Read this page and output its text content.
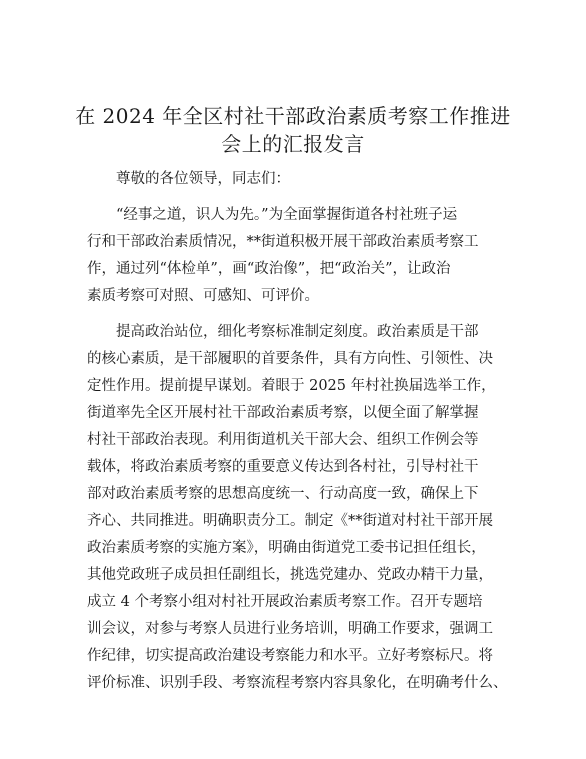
在 2024 年全区村社干部政治素质考察工作推进
会上的汇报发言

尊敬的各位领导，同志们：

“经事之道，识人为先。”为全面掌握街道各村社班子运
行和干部政治素质情况，**街道积极开展干部政治素质考察工
作，通过列“体检单”，画“政治像”，把“政治关”，让政治
素质考察可对照、可感知、可评价。

提高政治站位，细化考察标准制定刻度。政治素质是干部
的核心素质，是干部履职的首要条件，具有方向性、引领性、决
定性作用。提前提早谋划。着眼于 2025 年村社换届选举工作，
街道率先全区开展村社干部政治素质考察，以便全面了解掌握
村社干部政治表现。利用街道机关干部大会、组织工作例会等
载体，将政治素质考察的重要意义传达到各村社，引导村社干
部对政治素质考察的思想高度统一、行动高度一致，确保上下
齐心、共同推进。明确职责分工。制定《**街道对村社干部开展
政治素质考察的实施方案》，明确由街道党工委书记担任组长，
其他党政班子成员担任副组长，挑选党建办、党政办精干力量，
成立 4 个考察小组对村社开展政治素质考察工作。召开专题培
训会议，对参与考察人员进行业务培训，明确工作要求，强调工
作纪律，切实提高政治建设考察能力和水平。立好考察标尺。将
评价标准、识别手段、考察流程考察内容具象化，在明确考什么、
